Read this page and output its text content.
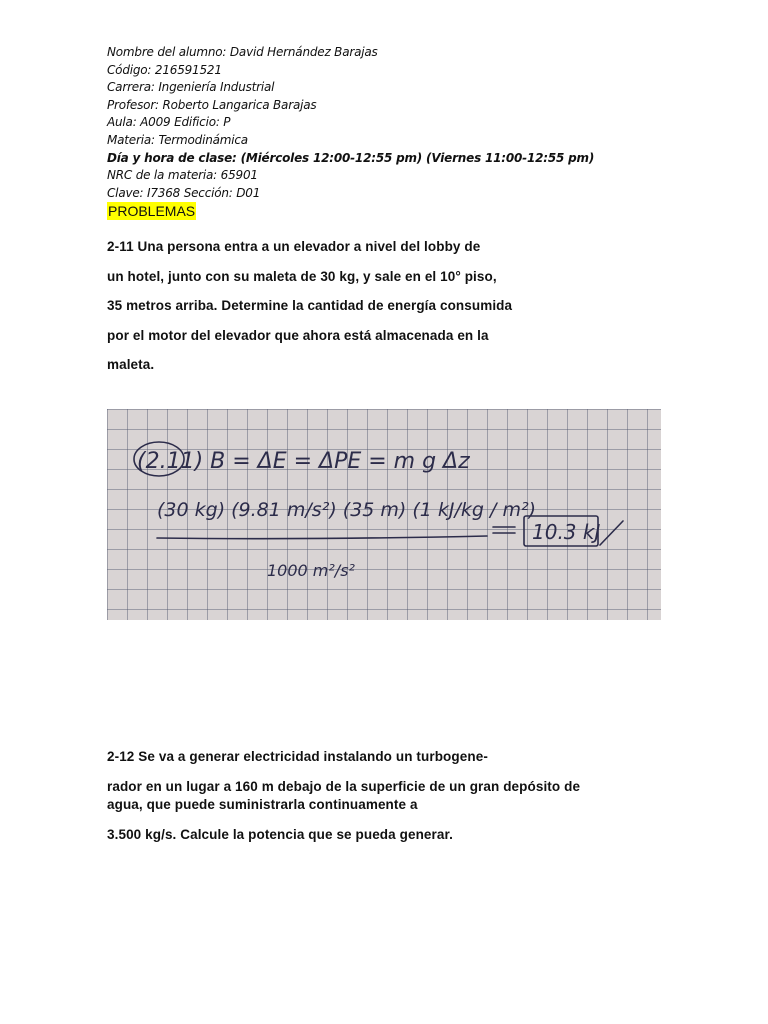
Nombre del alumno: David Hernández Barajas
Código: 216591521
Carrera: Ingeniería Industrial
Profesor: Roberto Langarica Barajas
Aula: A009 Edificio: P
Materia: Termodinámica
Día y hora de clase: (Miércoles 12:00-12:55 pm) (Viernes 11:00-12:55 pm)
NRC de la materia: 65901
Clave: I7368 Sección: D01
PROBLEMAS
2-11 Una persona entra a un elevador a nivel del lobby de
un hotel, junto con su maleta de 30 kg, y sale en el 10° piso,
35 metros arriba. Determine la cantidad de energía consumida
por el motor del elevador que ahora está almacenada en la
maleta.
(2.11) B = ΔE = ΔPE = m g Δz
(30 kg) (9.81 m/s²) (35 m) (1 kJ/kg / m²)
10.3 kJ
1000 m²/s²
2-12 Se va a generar electricidad instalando un turbogene-
rador en un lugar a 160 m debajo de la superficie de un gran depósito de
agua, que puede suministrarla continuamente a
3.500 kg/s. Calcule la potencia que se pueda generar.
